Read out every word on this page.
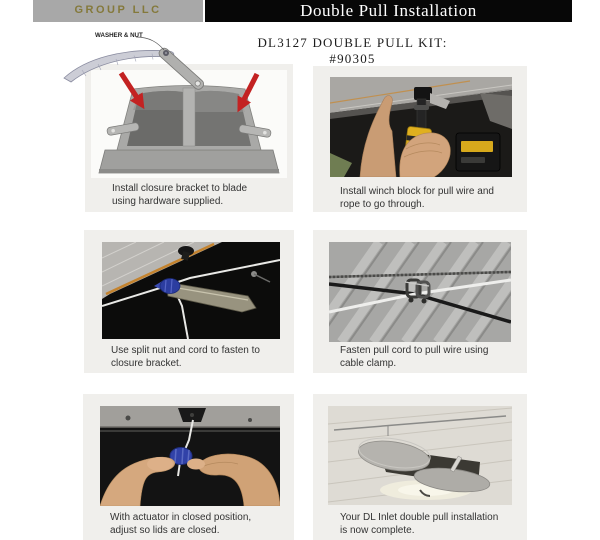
GROUP LLC	Double Pull Installation
DL3127 DOUBLE PULL KIT: #90305
WASHER & NUT
Install closure bracket to blade
using hardware supplied.
Install winch block for pull wire and
rope to go through.
Use split nut and cord to fasten to
closure bracket.
Fasten pull cord to pull wire using
cable clamp.
With actuator in closed position,
adjust so lids are closed.
Your DL Inlet double pull installation
is now complete.
